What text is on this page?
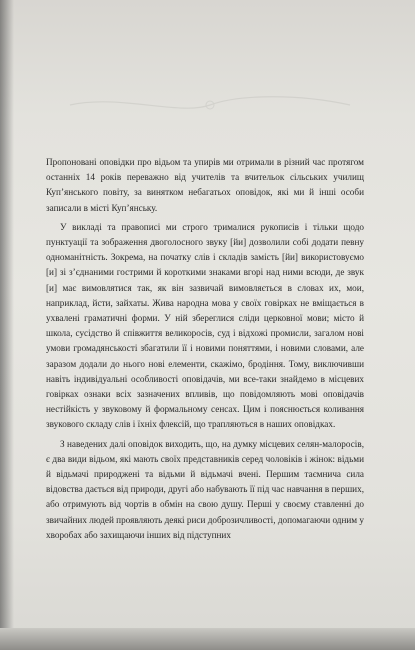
Пропоновані оповідки про відьом та упирів ми отримали в різний час протягом останніх 14 років переважно від учителів та вчительок сільських училищ Куп’янського повіту, за винятком небагатьох оповідок, які ми й інші особи записали в місті Куп’янську.

У викладі та правописі ми строго трималися рукописів і тільки щодо пунктуації та зображення двоголосного звуку [йи] дозволили собі додати певну одноманітність. Зокрема, на початку слів і складів замість [йи] використовуємо [и] зі з’єднаними гострими й короткими знаками вгорі над ними всюди, де звук [и] має вимовлятися так, як він зазвичай вимовляється в словах их, мои, наприклад, йсти, зайхаты. Жива народна мова у своїх говірках не вміщається в ухвалені граматичні форми. У ній збереглися сліди церковної мови; місто й школа, сусідство й співжиття великоросів, суд і відхожі промисли, загалом нові умови громадянськості збагатили її і новими поняттями, і новими словами, але заразом додали до нього нові елементи, скажімо, бродіння. Тому, виключивши навіть індивідуальні особливості оповідачів, ми все-таки знайдемо в місцевих говірках ознаки всіх зазначених впливів, що повідомляють мові оповідачів нестійкість у звуковому й формальному сенсах. Цим і пояснюється коливання звукового складу слів і їхніх флексій, що трапляються в наших оповідках.

З наведених далі оповідок виходить, що, на думку місцевих селян-малоросів, є два види відьом, які мають своїх представників серед чоловіків і жінок: відьми й відьмачі природжені та відьми й відьмачі вчені. Першим таємнича сила відовства дається від природи, другі або набувають її під час навчання в перших, або отримують від чортів в обмін на свою душу. Перші у своєму ставленні до звичайних людей проявляють деякі риси доброзичливості, допомагаючи одним у хворобах або захищаючи інших від підступних
